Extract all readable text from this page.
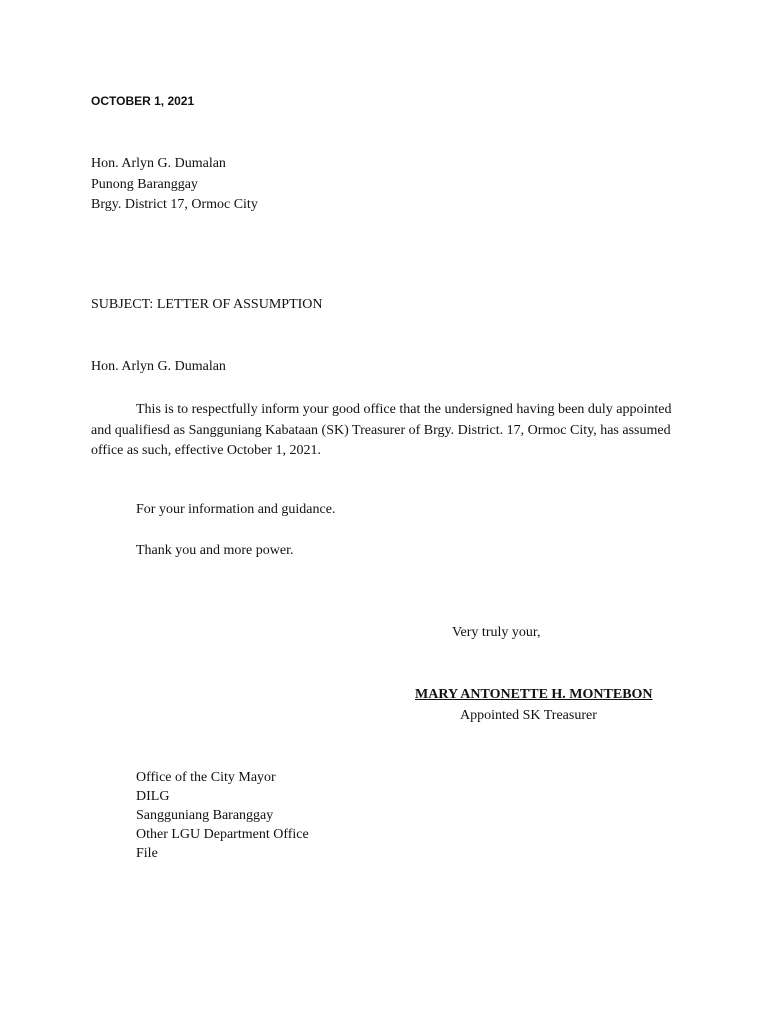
OCTOBER 1, 2021
Hon. Arlyn G. Dumalan
Punong Baranggay
Brgy. District 17, Ormoc City
SUBJECT: LETTER OF ASSUMPTION
Hon. Arlyn G. Dumalan
This is to respectfully inform your good office that the undersigned having been duly appointed and qualifiesd as Sangguniang Kabataan (SK) Treasurer of Brgy. District. 17, Ormoc City, has assumed office as such, effective October 1, 2021.
For your information and guidance.
Thank you and more power.
Very truly your,
MARY ANTONETTE H. MONTEBON
Appointed SK Treasurer
Office of the City Mayor
DILG
Sangguniang Baranggay
Other LGU Department Office
File
